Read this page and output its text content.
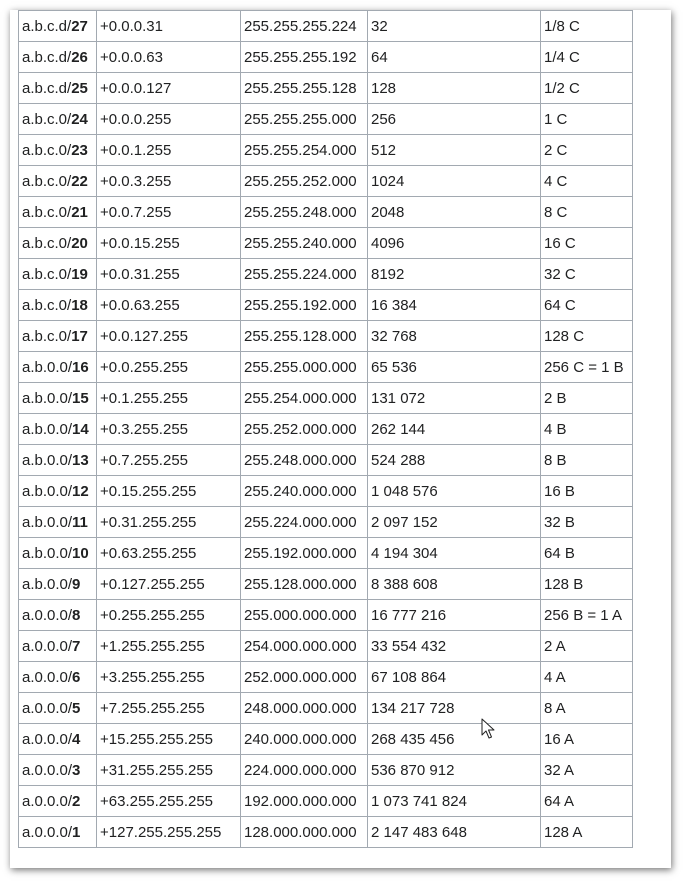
a.b.c.d/27	+0.0.0.31	255.255.255.224	32	1/8 C
a.b.c.d/26	+0.0.0.63	255.255.255.192	64	1/4 C
a.b.c.d/25	+0.0.0.127	255.255.255.128	128	1/2 C
a.b.c.0/24	+0.0.0.255	255.255.255.000	256	1 C
a.b.c.0/23	+0.0.1.255	255.255.254.000	512	2 C
a.b.c.0/22	+0.0.3.255	255.255.252.000	1024	4 C
a.b.c.0/21	+0.0.7.255	255.255.248.000	2048	8 C
a.b.c.0/20	+0.0.15.255	255.255.240.000	4096	16 C
a.b.c.0/19	+0.0.31.255	255.255.224.000	8192	32 C
a.b.c.0/18	+0.0.63.255	255.255.192.000	16 384	64 C
a.b.c.0/17	+0.0.127.255	255.255.128.000	32 768	128 C
a.b.0.0/16	+0.0.255.255	255.255.000.000	65 536	256 C = 1 B
a.b.0.0/15	+0.1.255.255	255.254.000.000	131 072	2 B
a.b.0.0/14	+0.3.255.255	255.252.000.000	262 144	4 B
a.b.0.0/13	+0.7.255.255	255.248.000.000	524 288	8 B
a.b.0.0/12	+0.15.255.255	255.240.000.000	1 048 576	16 B
a.b.0.0/11	+0.31.255.255	255.224.000.000	2 097 152	32 B
a.b.0.0/10	+0.63.255.255	255.192.000.000	4 194 304	64 B
a.b.0.0/9	+0.127.255.255	255.128.000.000	8 388 608	128 B
a.0.0.0/8	+0.255.255.255	255.000.000.000	16 777 216	256 B = 1 A
a.0.0.0/7	+1.255.255.255	254.000.000.000	33 554 432	2 A
a.0.0.0/6	+3.255.255.255	252.000.000.000	67 108 864	4 A
a.0.0.0/5	+7.255.255.255	248.000.000.000	134 217 728	8 A
a.0.0.0/4	+15.255.255.255	240.000.000.000	268 435 456	16 A
a.0.0.0/3	+31.255.255.255	224.000.000.000	536 870 912	32 A
a.0.0.0/2	+63.255.255.255	192.000.000.000	1 073 741 824	64 A
a.0.0.0/1	+127.255.255.255	128.000.000.000	2 147 483 648	128 A
